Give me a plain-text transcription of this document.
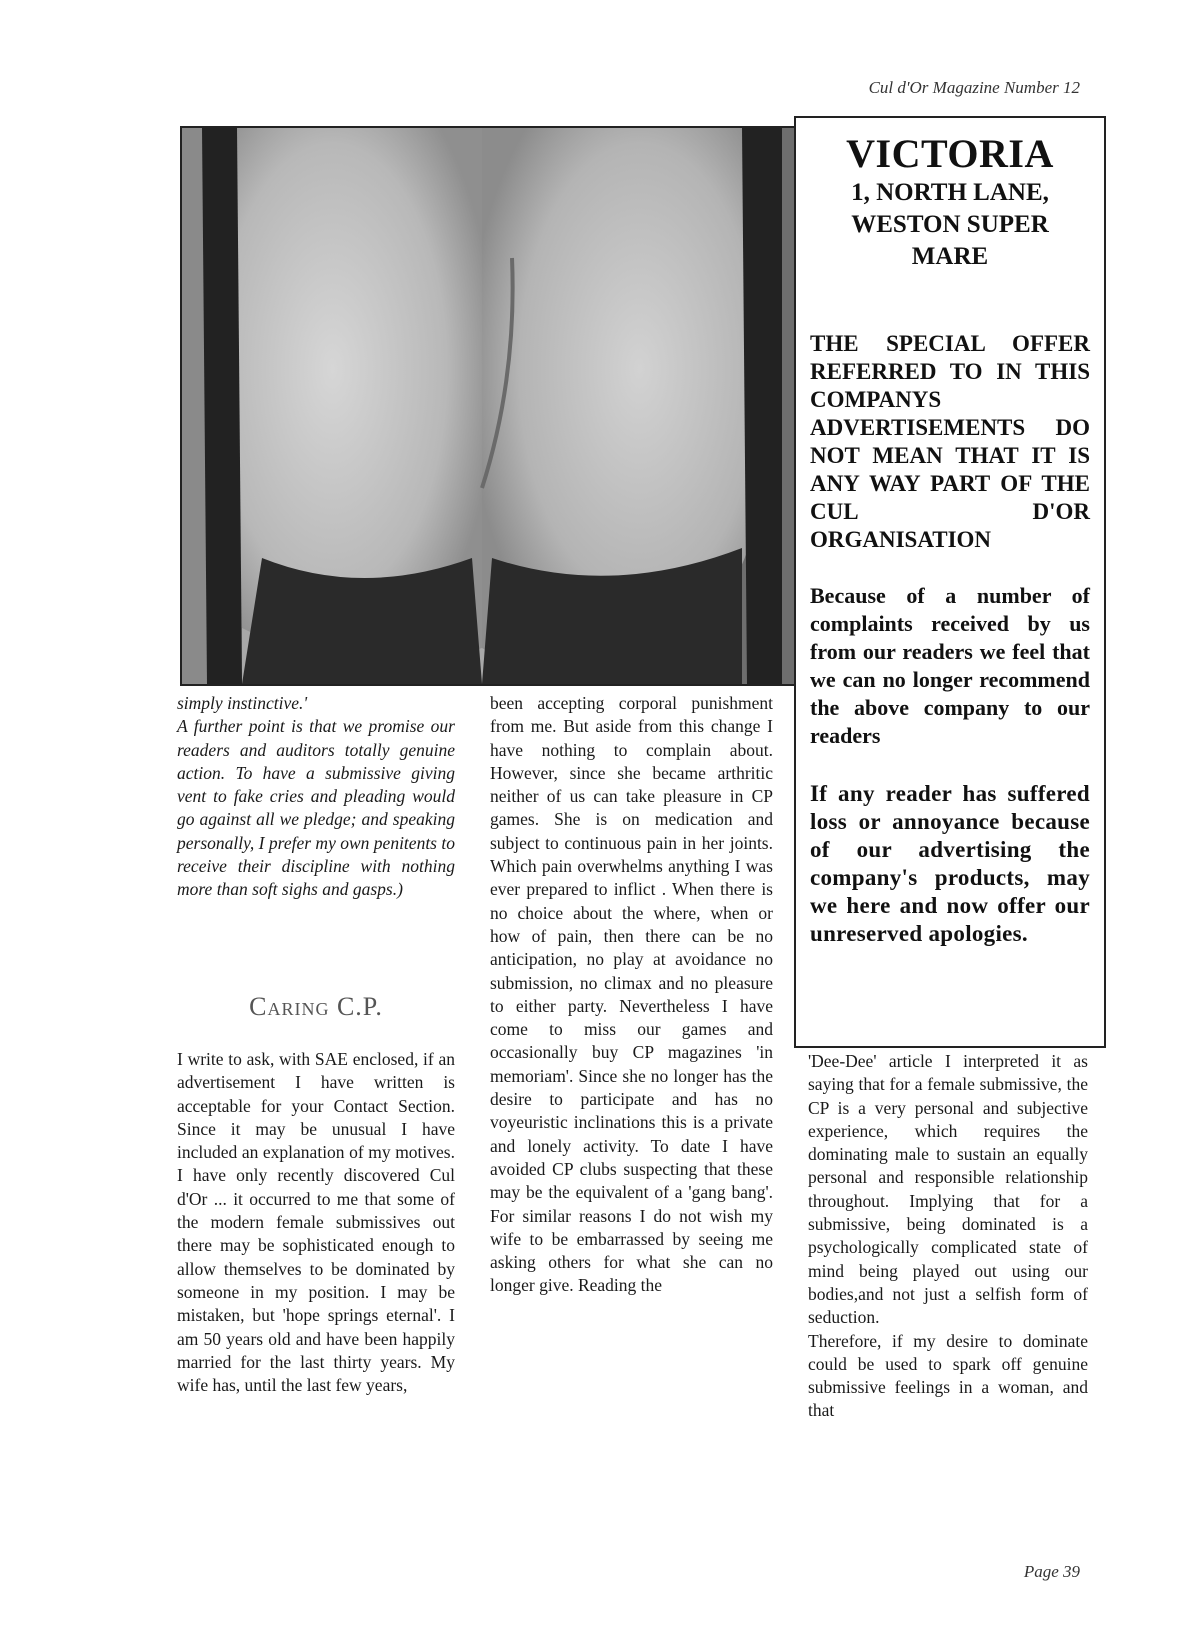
Cul d'Or Magazine Number 12
VICTORIA
1, NORTH LANE,
WESTON SUPER
MARE
THE SPECIAL OFFER REFERRED TO IN THIS COMPANYS ADVERTISEMENTS DO NOT MEAN THAT IT IS ANY WAY PART OF THE CUL D'OR ORGANISATION
Because of a number of complaints received by us from our readers we feel that we can no longer recommend the above company to our readers
If any reader has suffered loss or annoyance because of our advertising the company's products, may we here and now offer our unreserved apologies.

simply instinctive.'

A further point is that we promise our readers and auditors totally genuine action. To have a submissive giving vent to fake cries and pleading would go against all we pledge; and speaking personally, I prefer my own penitents to receive their discipline with nothing more than soft sighs and gasps.)

Caring C.P.

I write to ask, with SAE enclosed, if an advertisement I have written is acceptable for your Contact Section. Since it may be unusual I have included an explanation of my motives. I have only recently discovered Cul d'Or ... it occurred to me that some of the modern female submissives out there may be sophisticated enough to allow themselves to be dominated by someone in my position. I may be mistaken, but 'hope springs eternal'. I am 50 years old and have been happily married for the last thirty years. My wife has, until the last few years,

been accepting corporal punishment from me. But aside from this change I have nothing to complain about. However, since she became arthritic neither of us can take pleasure in CP games. She is on medication and subject to continuous pain in her joints. Which pain overwhelms anything I was ever prepared to inflict . When there is no choice about the where, when or how of pain, then there can be no anticipation, no play at avoidance no submission, no climax and no pleasure to either party. Nevertheless I have come to miss our games and occasionally buy CP magazines 'in memoriam'. Since she no longer has the desire to participate and has no voyeuristic inclinations this is a private and lonely activity. To date I have avoided CP clubs suspecting that these may be the equivalent of a 'gang bang'. For similar reasons I do not wish my wife to be embarrassed by seeing me asking others for what she can no longer give. Reading the

'Dee-Dee' article I interpreted it as saying that for a female submissive, the CP is a very personal and subjective experience, which requires the dominating male to sustain an equally personal and responsible relationship throughout. Implying that for a submissive, being dominated is a psychologically complicated state of mind being played out using our bodies,and not just a selfish form of seduction.

Therefore, if my desire to dominate could be used to spark off genuine submissive feelings in a woman, and that

Page 39
